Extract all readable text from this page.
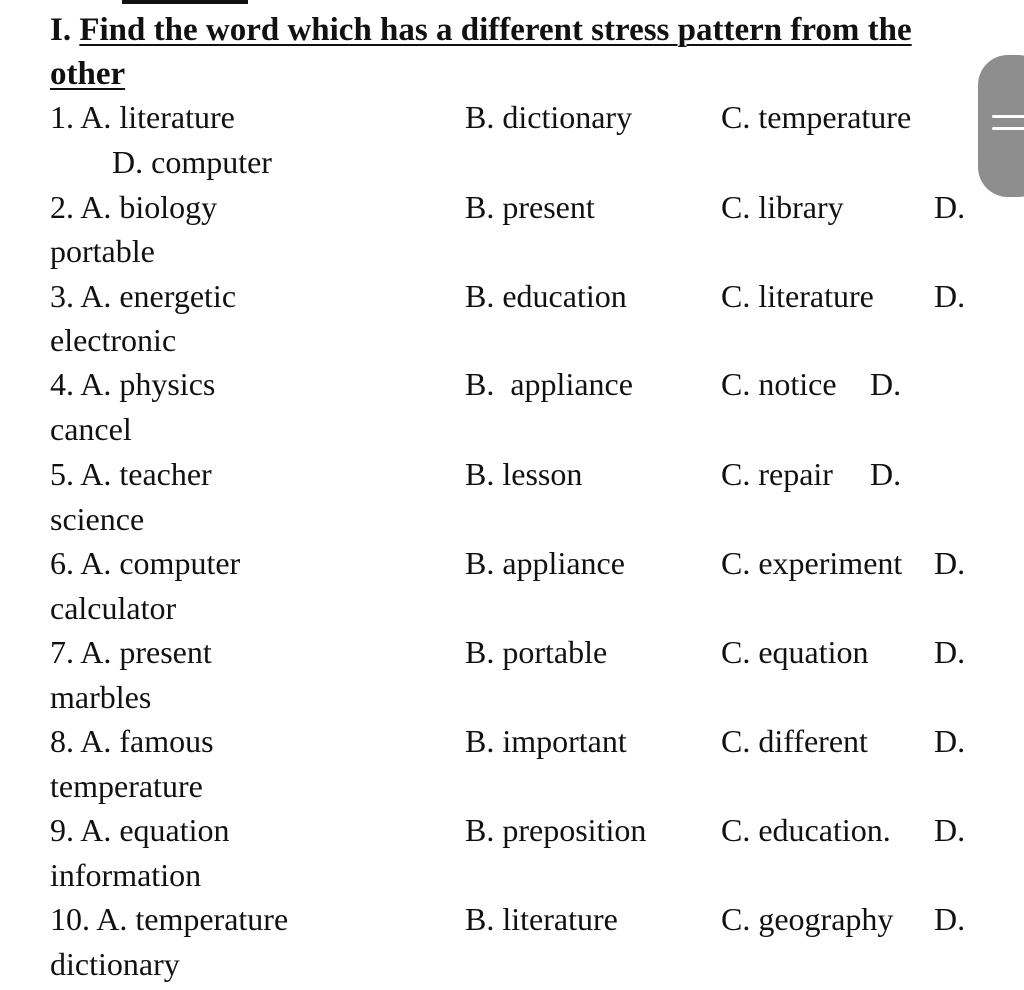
I. Find the word which has a different stress pattern from the
other
1. A. literature	B. dictionary	C. temperature
D. computer
2. A. biology	B. present	C. library	D.
portable
3. A. energetic	B. education	C. literature D.
electronic
4. A. physics	B.  appliance	C. notice D.
cancel
5. A. teacher	B. lesson	C. repair D.
science
6. A. computer	B. appliance	C. experiment D.
calculator
7. A. present	B. portable	C. equation D.
marbles
8. A. famous	B. important	C. different D.
temperature
9. A. equation	B. preposition C. education. D.
information
10. A. temperature	B. literature	C. geography D.
dictionary
